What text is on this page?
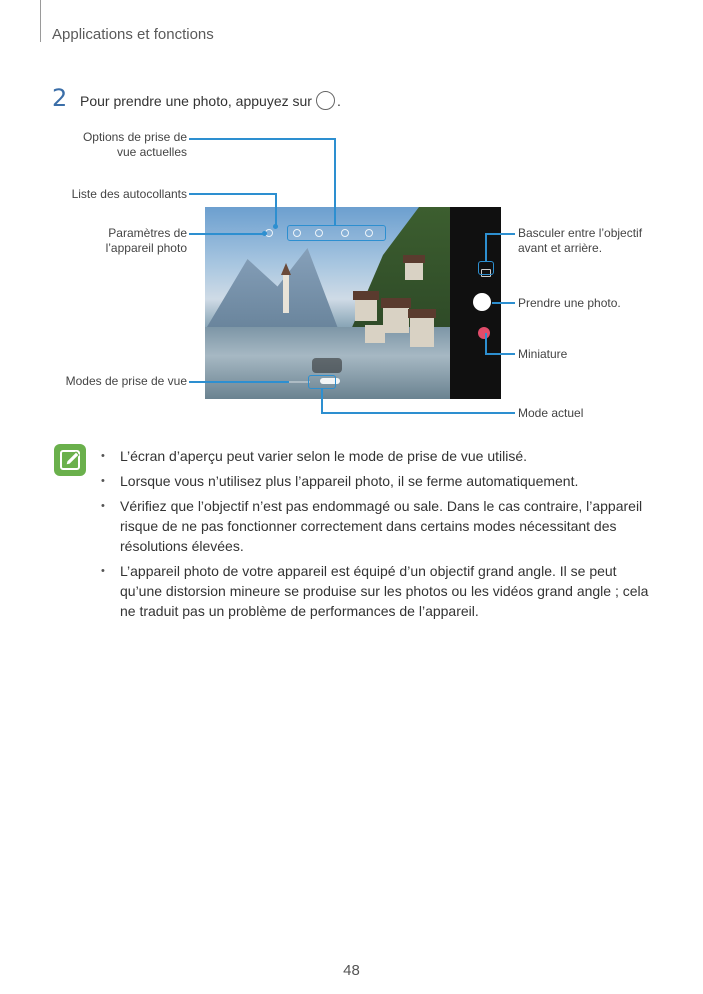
Applications et fonctions
2 Pour prendre une photo, appuyez sur .
Options de prise de
vue actuelles
Liste des autocollants
Paramètres de
l’appareil photo
Modes de prise de vue
Basculer entre l’objectif
avant et arrière.
Prendre une photo.
Miniature
Mode actuel
• L’écran d’aperçu peut varier selon le mode de prise de vue utilisé.
• Lorsque vous n’utilisez plus l’appareil photo, il se ferme automatiquement.
• Vérifiez que l’objectif n’est pas endommagé ou sale. Dans le cas contraire, l’appareil risque de ne pas fonctionner correctement dans certains modes nécessitant des résolutions élevées.
• L’appareil photo de votre appareil est équipé d’un objectif grand angle. Il se peut qu’une distorsion mineure se produise sur les photos ou les vidéos grand angle ; cela ne traduit pas un problème de performances de l’appareil.
48
